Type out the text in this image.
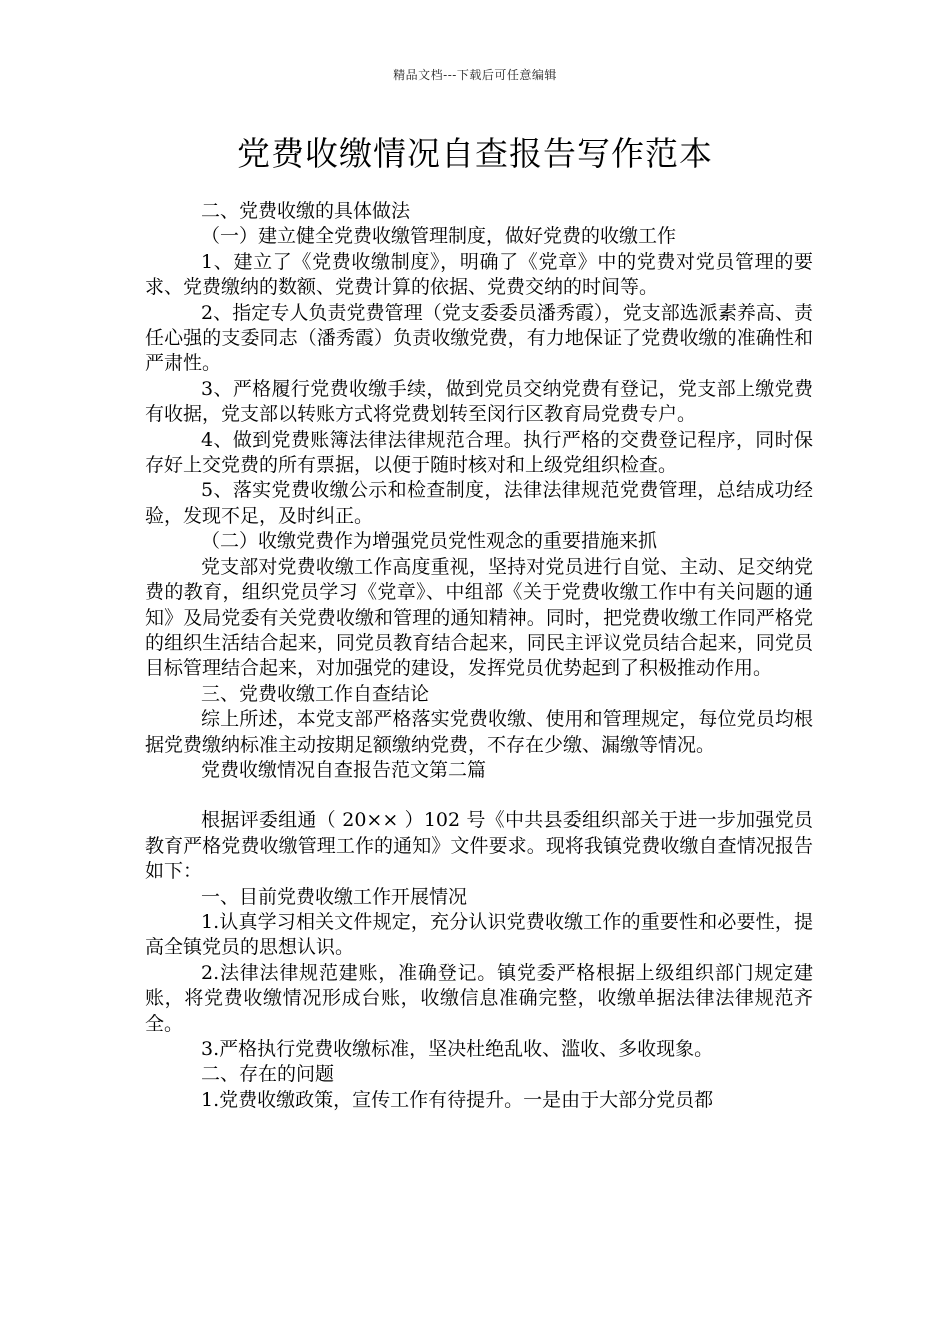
精品文档---下载后可任意编辑
党费收缴情况自查报告写作范本

二、党费收缴的具体做法

（一）建立健全党费收缴管理制度，做好党费的收缴工作

1、建立了《党费收缴制度》，明确了《党章》中的党费对党员管理的要求、党费缴纳的数额、党费计算的依据、党费交纳的时间等。

2、指定专人负责党费管理（党支委委员潘秀霞），党支部选派素养高、责任心强的支委同志（潘秀霞）负责收缴党费，有力地保证了党费收缴的准确性和严肃性。

3、严格履行党费收缴手续，做到党员交纳党费有登记，党支部上缴党费有收据，党支部以转账方式将党费划转至闵行区教育局党费专户。

4、做到党费账簿法律法律规范合理。执行严格的交费登记程序，同时保存好上交党费的所有票据，以便于随时核对和上级党组织检查。

5、落实党费收缴公示和检查制度，法律法律规范党费管理，总结成功经验，发现不足，及时纠正。

（二）收缴党费作为增强党员党性观念的重要措施来抓

党支部对党费收缴工作高度重视，坚持对党员进行自觉、主动、足交纳党费的教育，组织党员学习《党章》、中组部《关于党费收缴工作中有关问题的通知》及局党委有关党费收缴和管理的通知精神。同时，把党费收缴工作同严格党的组织生活结合起来，同党员教育结合起来，同民主评议党员结合起来，同党员目标管理结合起来，对加强党的建设，发挥党员优势起到了积极推动作用。

三、党费收缴工作自查结论

综上所述，本党支部严格落实党费收缴、使用和管理规定，每位党员均根据党费缴纳标准主动按期足额缴纳党费，不存在少缴、漏缴等情况。

党费收缴情况自查报告范文第二篇

根据评委组通（ 20×× ）102 号《中共县委组织部关于进一步加强党员教育严格党费收缴管理工作的通知》文件要求。现将我镇党费收缴自查情况报告如下：

一、目前党费收缴工作开展情况

1.认真学习相关文件规定，充分认识党费收缴工作的重要性和必要性，提高全镇党员的思想认识。

2.法律法律规范建账，准确登记。镇党委严格根据上级组织部门规定建账，将党费收缴情况形成台账，收缴信息准确完整，收缴单据法律法律规范齐全。

3.严格执行党费收缴标准，坚决杜绝乱收、滥收、多收现象。

二、存在的问题

1.党费收缴政策，宣传工作有待提升。一是由于大部分党员都
